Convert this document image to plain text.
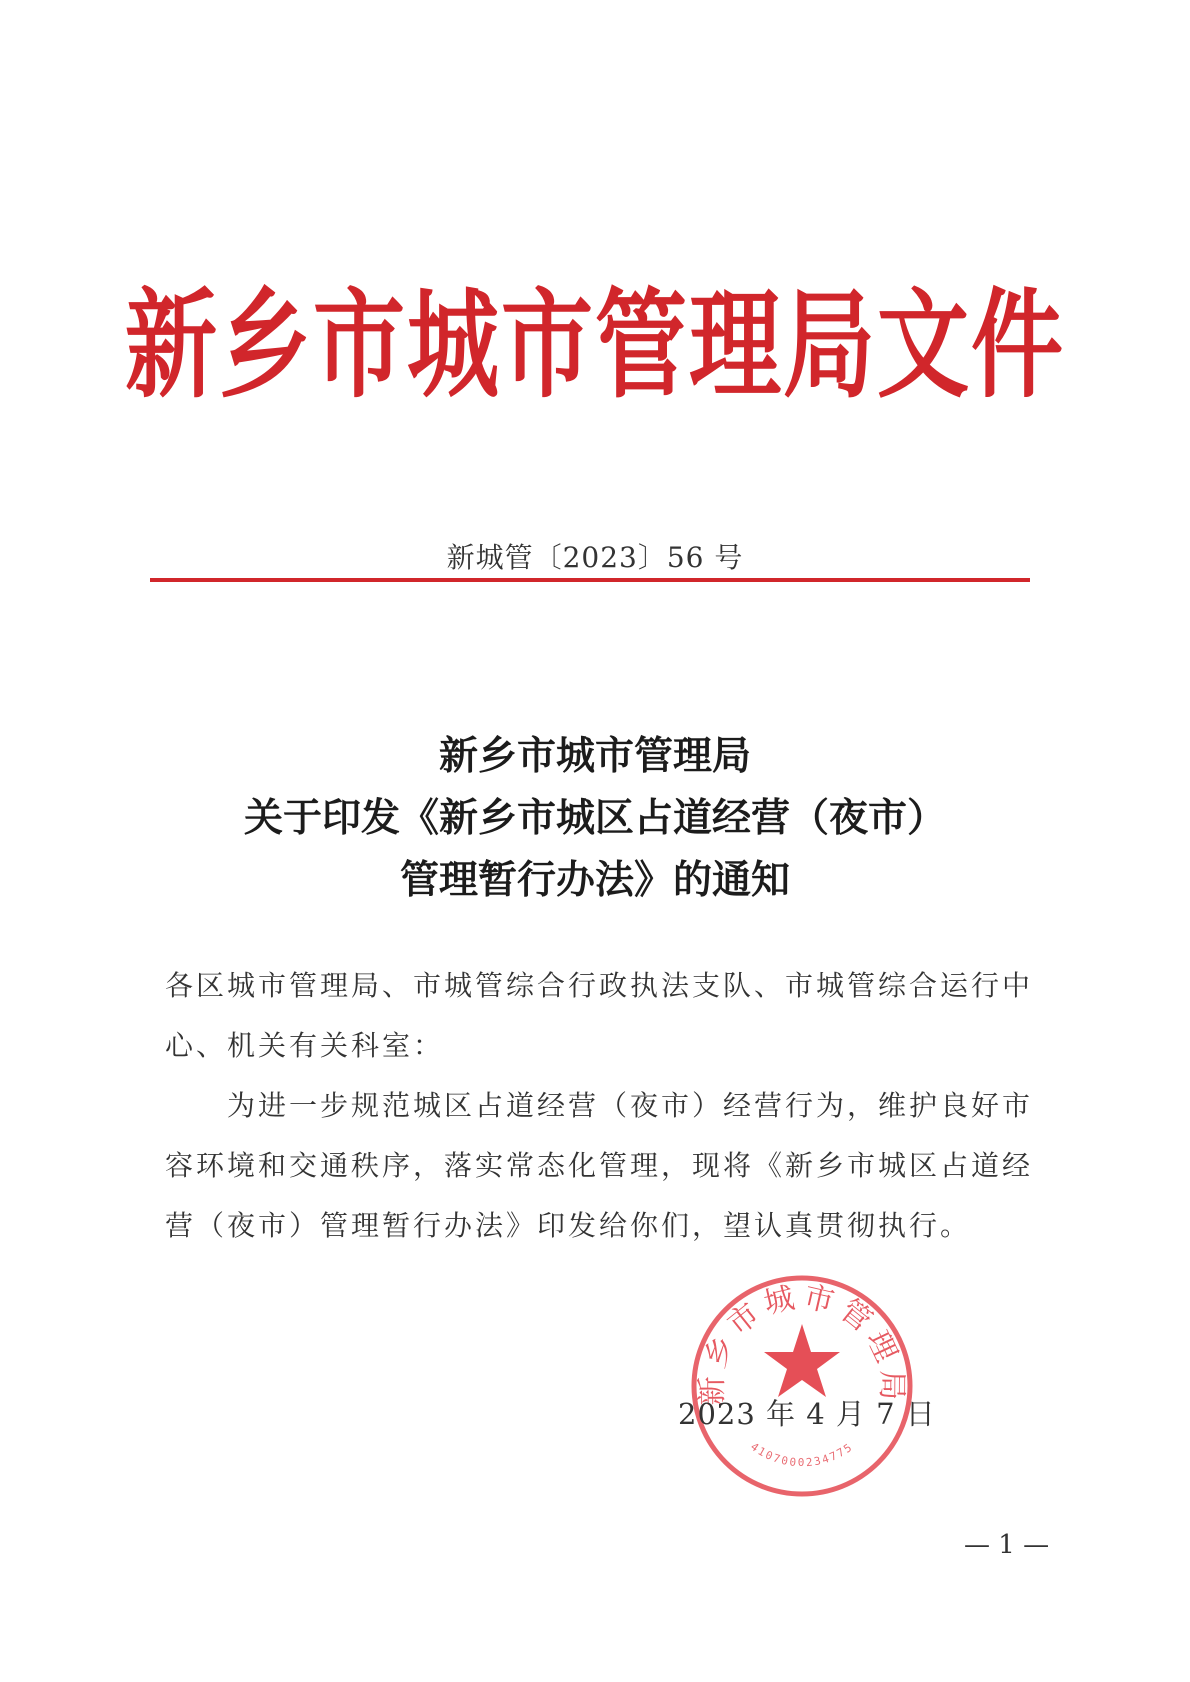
新乡市城市管理局文件
新城管〔2023〕56 号
新乡市城市管理局
关于印发《新乡市城区占道经营（夜市）
管理暂行办法》的通知
各区城市管理局、市城管综合行政执法支队、市城管综合运行中心、机关有关科室：
为进一步规范城区占道经营（夜市）经营行为，维护良好市容环境和交通秩序，落实常态化管理，现将《新乡市城区占道经营（夜市）管理暂行办法》印发给你们，望认真贯彻执行。
新乡市城市管理局
4107000234775
2023 年 4 月 7 日
— 1 —
